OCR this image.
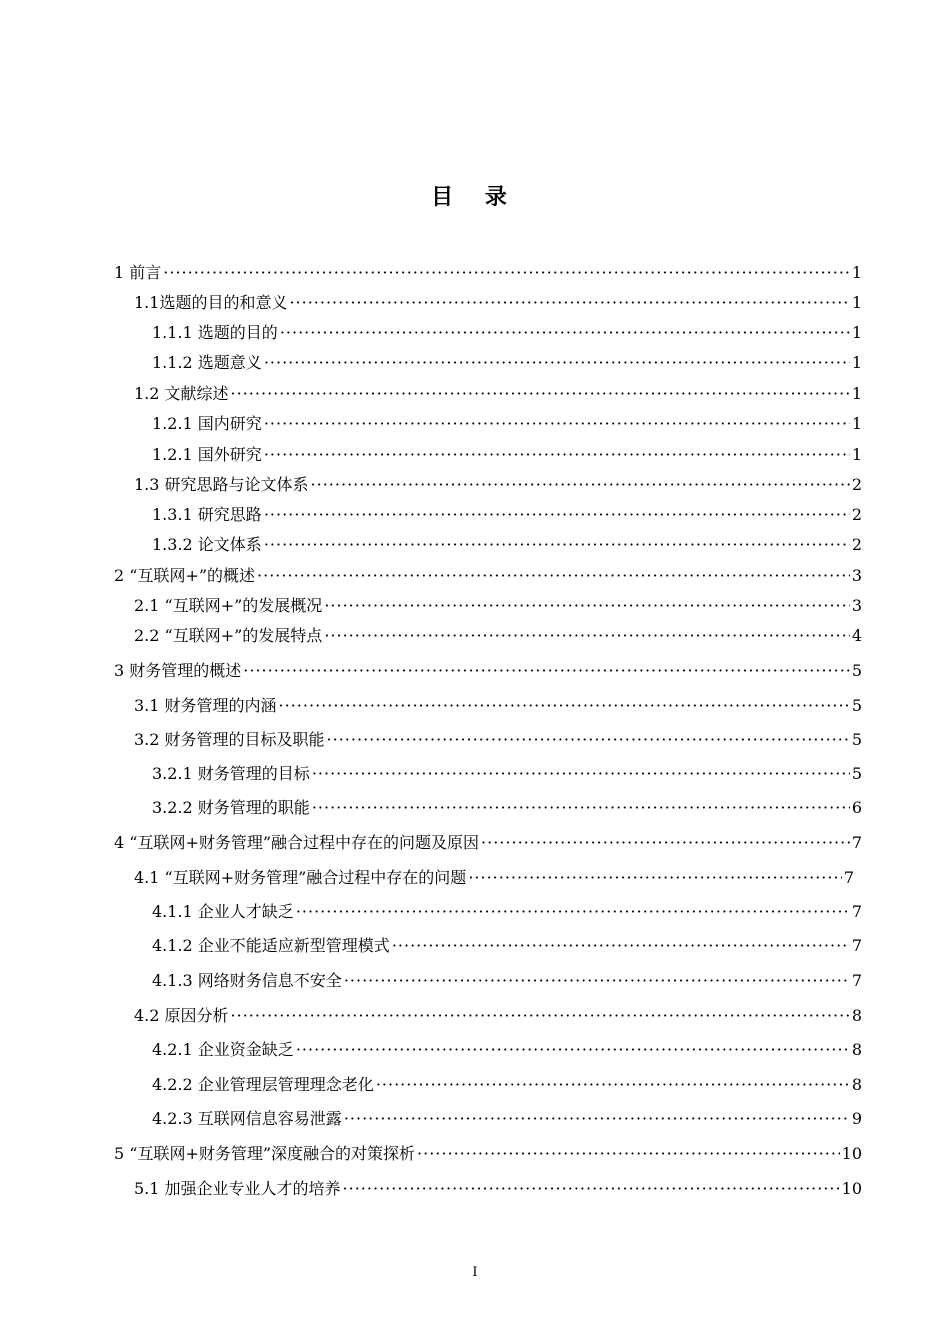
目 录
1 前言 ·····	1
1.1选题的目的和意义 ·····	1
1.1.1 选题的目的 ·····	1
1.1.2 选题意义 ·····	1
1.2 文献综述 ·····	1
1.2.1 国内研究 ·····	1
1.2.1 国外研究 ·····	1
1.3 研究思路与论文体系 ·····	2
1.3.1 研究思路 ·····	2
1.3.2 论文体系 ·····	2
2 “互联网+”的概述 ·····	3
2.1 “互联网+”的发展概况 ·····	3
2.2 “互联网+”的发展特点 ·····	4
3 财务管理的概述 ·····	5
3.1 财务管理的内涵 ·····	5
3.2 财务管理的目标及职能 ·····	5
3.2.1 财务管理的目标 ·····	5
3.2.2 财务管理的职能 ·····	6
4 “互联网+财务管理”融合过程中存在的问题及原因 ·····	7
4.1 “互联网+财务管理”融合过程中存在的问题 ·····	7
4.1.1 企业人才缺乏 ·····	7
4.1.2 企业不能适应新型管理模式 ·····	7
4.1.3 网络财务信息不安全 ·····	7
4.2 原因分析 ·····	8
4.2.1 企业资金缺乏 ·····	8
4.2.2 企业管理层管理理念老化 ·····	8
4.2.3 互联网信息容易泄露 ·····	9
5 “互联网+财务管理”深度融合的对策探析 ·····	10
5.1 加强企业专业人才的培养 ·····	10
I
